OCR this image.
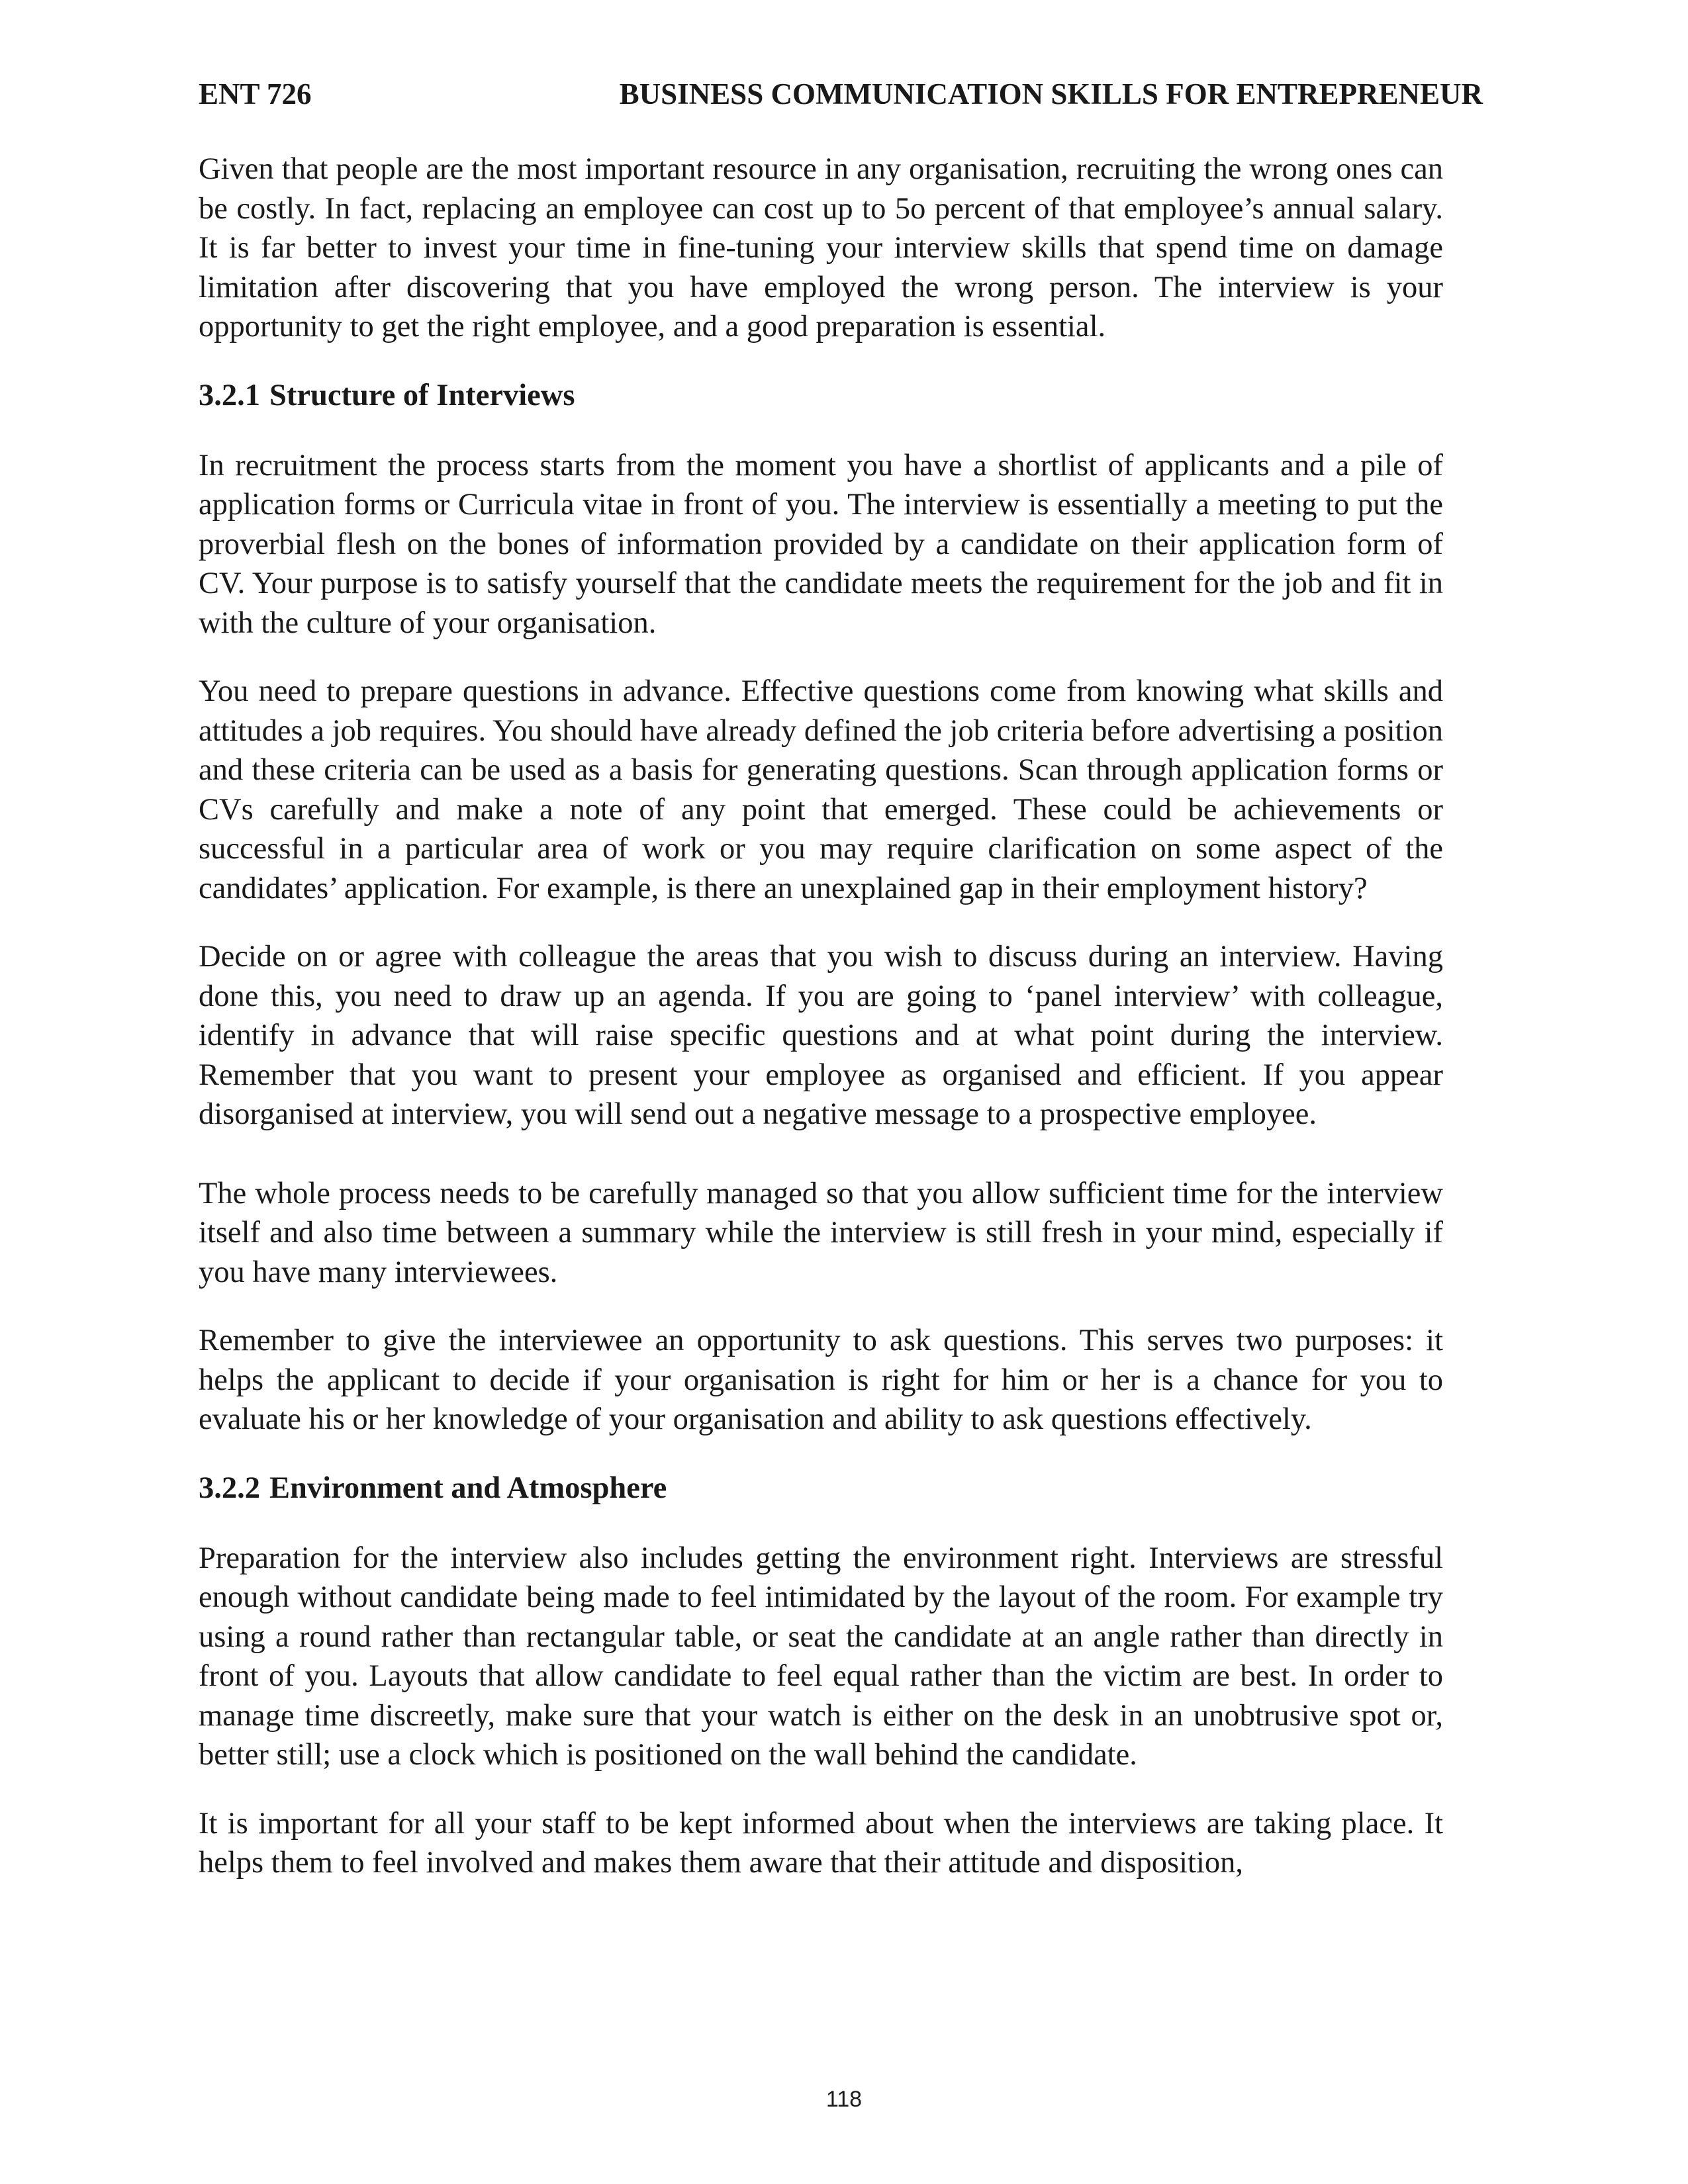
ENT 726	BUSINESS COMMUNICATION SKILLS FOR ENTREPRENEUR

Given that people are the most important resource in any organisation, recruiting the wrong ones can be costly. In fact, replacing an employee can cost up to 5o percent of that employee’s annual salary. It is far better to invest your time in fine-tuning your interview skills that spend time on damage limitation after discovering that you have employed the wrong person. The interview is your opportunity to get the right employee, and a good preparation is essential.

3.2.1 Structure of Interviews

In recruitment the process starts from the moment you have a shortlist of applicants and a pile of application forms or Curricula vitae in front of you. The interview is essentially a meeting to put the proverbial flesh on the bones of information provided by a candidate on their application form of CV. Your purpose is to satisfy yourself that the candidate meets the requirement for the job and fit in with the culture of your organisation.

You need to prepare questions in advance. Effective questions come from knowing what skills and attitudes a job requires. You should have already defined the job criteria before advertising a position and these criteria can be used as a basis for generating questions. Scan through application forms or CVs carefully and make a note of any point that emerged. These could be achievements or successful in a particular area of work or you may require clarification on some aspect of the candidates’ application. For example, is there an unexplained gap in their employment history?

Decide on or agree with colleague the areas that you wish to discuss during an interview. Having done this, you need to draw up an agenda. If you are going to ‘panel interview’ with colleague, identify in advance that will raise specific questions and at what point during the interview. Remember that you want to present your employee as organised and efficient. If you appear disorganised at interview, you will send out a negative message to a prospective employee.

The whole process needs to be carefully managed so that you allow sufficient time for the interview itself and also time between a summary while the interview is still fresh in your mind, especially if you have many interviewees.

Remember to give the interviewee an opportunity to ask questions. This serves two purposes: it helps the applicant to decide if your organisation is right for him or her is a chance for you to evaluate his or her knowledge of your organisation and ability to ask questions effectively.

3.2.2 Environment and Atmosphere

Preparation for the interview also includes getting the environment right. Interviews are stressful enough without candidate being made to feel intimidated by the layout of the room. For example try using a round rather than rectangular table, or seat the candidate at an angle rather than directly in front of you. Layouts that allow candidate to feel equal rather than the victim are best. In order to manage time discreetly, make sure that your watch is either on the desk in an unobtrusive spot or, better still; use a clock which is positioned on the wall behind the candidate.

It is important for all your staff to be kept informed about when the interviews are taking place. It helps them to feel involved and makes them aware that their attitude and disposition,

118
